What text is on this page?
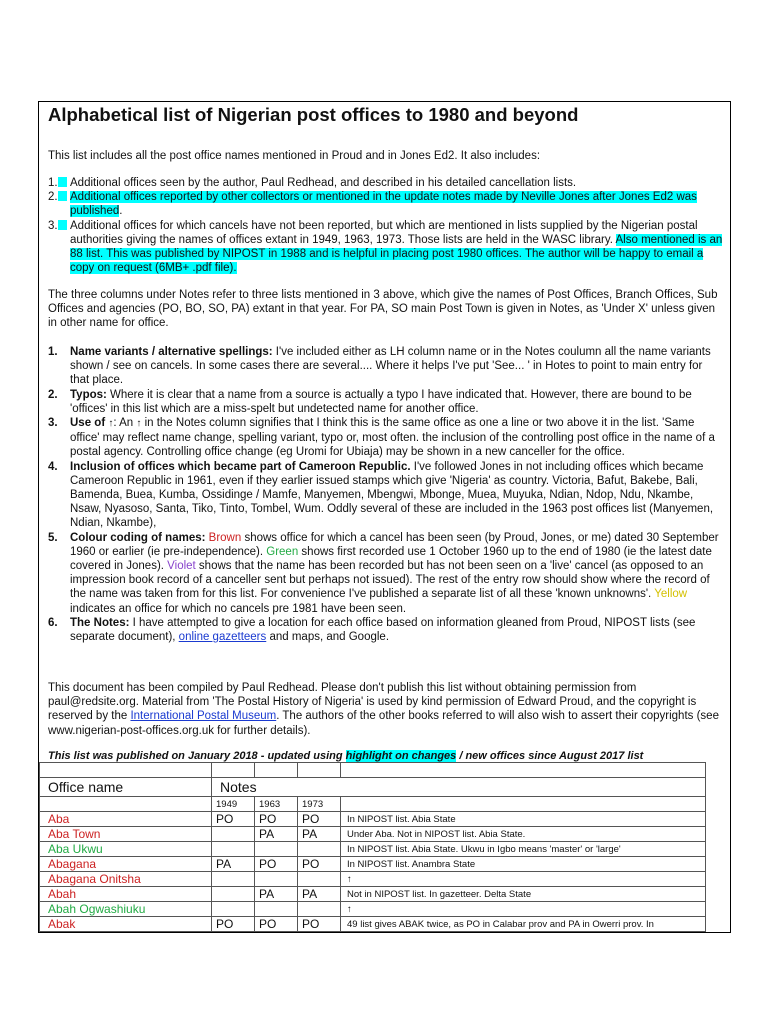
Alphabetical list of Nigerian post offices to 1980 and beyond
This list includes all the post office names mentioned in Proud and in Jones Ed2. It also includes:
1.	Additional offices seen by the author, Paul Redhead, and described in his detailed cancellation lists.
2.	Additional offices reported by other collectors or mentioned in the update notes made by Neville Jones after Jones Ed2 was published.
3.	Additional offices for which cancels have not been reported, but which are mentioned in lists supplied by the Nigerian postal authorities giving the names of offices extant in 1949, 1963, 1973. Those lists are held in the WASC library. Also mentioned is an 88 list. This was published by NIPOST in 1988 and is helpful in placing post 1980 offices. The author will be happy to email a copy on request (6MB+ .pdf file).
The three columns under Notes refer to three lists mentioned in 3 above, which give the names of Post Offices, Branch Offices, Sub Offices and agencies (PO, BO, SO, PA) extant in that year. For PA, SO main Post Town is given in Notes, as 'Under X' unless given in other name for office.
1. Name variants / alternative spellings: I've included either as LH column name or in the Notes coulumn all the name variants shown / see on cancels. In some cases there are several.... Where it helps I've put 'See... ' in Hotes to point to main entry for that place.
2. Typos: Where it is clear that a name from a source is actually a typo I have indicated that. However, there are bound to be 'offices' in this list which are a miss-spelt but undetected name for another office.
3. Use of ↑: An ↑ in the Notes column signifies that I think this is the same office as one a line or two above it in the list. 'Same office' may reflect name change, spelling variant, typo or, most often. the inclusion of the controlling post office in the name of a postal agency. Controlling office change (eg Uromi for Ubiaja) may be shown in a new canceller for the office.
4. Inclusion of offices which became part of Cameroon Republic. I've followed Jones in not including offices which became Cameroon Republic in 1961, even if they earlier issued stamps which give 'Nigeria' as country. Victoria, Bafut, Bakebe, Bali, Bamenda, Buea, Kumba, Ossidinge / Mamfe, Manyemen, Mbengwi, Mbonge, Muea, Muyuka, Ndian, Ndop, Ndu, Nkambe, Nsaw, Nyasoso, Santa, Tiko, Tinto, Tombel, Wum. Oddly several of these are included in the 1963 post offices list (Manyemen, Ndian, Nkambe),
5. Colour coding of names: Brown shows office for which a cancel has been seen (by Proud, Jones, or me) dated 30 September 1960 or earlier (ie pre-independence). Green shows first recorded use 1 October 1960 up to the end of 1980 (ie the latest date covered in Jones). Violet shows that the name has been recorded but has not been seen on a 'live' cancel (as opposed to an impression book record of a canceller sent but perhaps not issued). The rest of the entry row should show where the record of the name was taken from for this list. For convenience I've published a separate list of all these 'known unknowns'. Yellow indicates an office for which no cancels pre 1981 have been seen.
6. The Notes: I have attempted to give a location for each office based on information gleaned from Proud, NIPOST lists (see separate document), online gazetteers and maps, and Google.
This document has been compiled by Paul Redhead. Please don't publish this list without obtaining permission from paul@redsite.org. Material from 'The Postal History of Nigeria' is used by kind permission of Edward Proud, and the copyright is reserved by the International Postal Museum. The authors of the other books referred to will also wish to assert their copyrights (see www.nigerian-post-offices.org.uk for further details).
This list was published on January 2018 - updated using highlight on changes / new offices since August 2017 list

Office name	Notes			
	1949	1963	1973	
Aba	PO	PO	PO	In NIPOST list. Abia State
Aba Town		PA	PA	Under Aba. Not in NIPOST list. Abia State.
Aba Ukwu				In NIPOST list. Abia State. Ukwu in Igbo means 'master' or 'large'
Abagana	PA	PO	PO	In NIPOST list. Anambra State
Abagana Onitsha				↑
Abah		PA	PA	Not in NIPOST list. In gazetteer. Delta State
Abah Ogwashiuku				↑
Abak	PO	PO	PO	49 list gives ABAK twice, as PO in Calabar prov and PA in Owerri prov. In
